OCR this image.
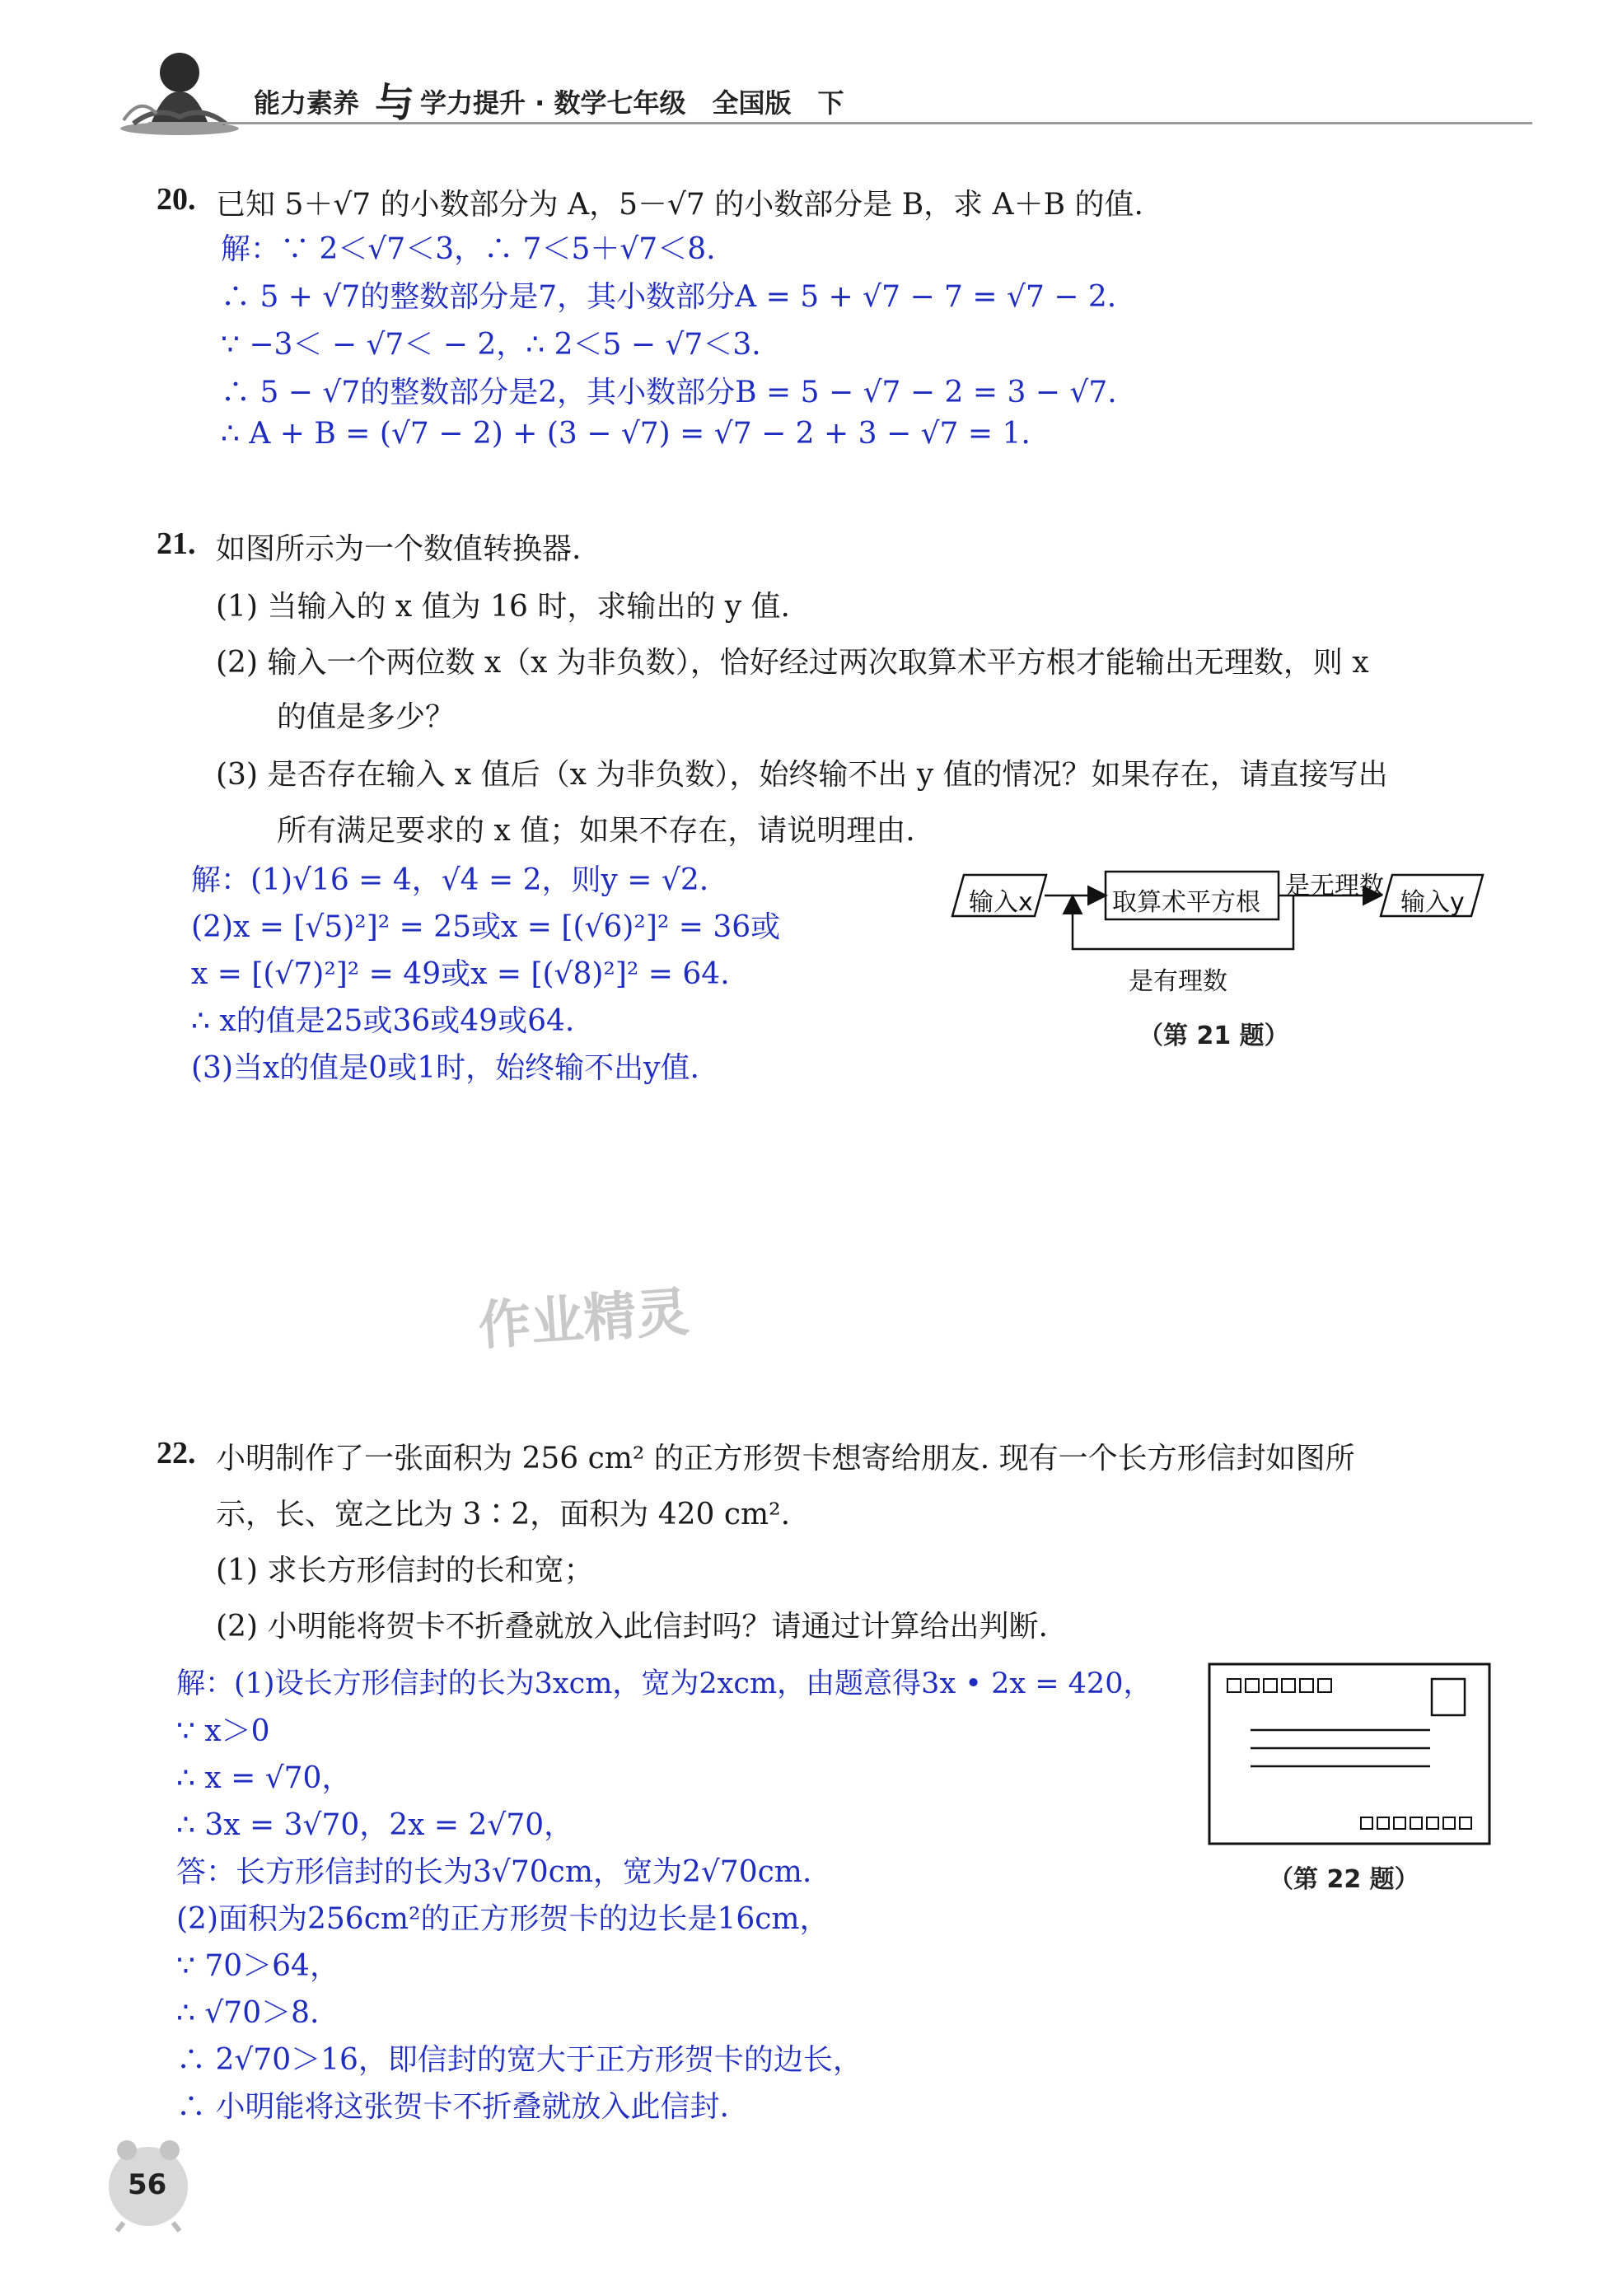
能力素养 与 学力提升 · 数学七年级　全国版　下
20. 已知 5＋√7 的小数部分为 A，5－√7 的小数部分是 B，求 A＋B 的值.
解：∵ 2＜√7＜3，∴ 7＜5＋√7＜8.
∴ 5 + √7的整数部分是7，其小数部分A = 5 + √7 − 7 = √7 − 2.
∵ −3＜ − √7＜ − 2，∴ 2＜5 − √7＜3.
∴ 5 − √7的整数部分是2，其小数部分B = 5 − √7 − 2 = 3 − √7.
∴ A + B = (√7 − 2) + (3 − √7) = √7 − 2 + 3 − √7 = 1.
21. 如图所示为一个数值转换器.
(1) 当输入的 x 值为 16 时，求输出的 y 值.
(2) 输入一个两位数 x（x 为非负数），恰好经过两次取算术平方根才能输出无理数，则 x
的值是多少？
(3) 是否存在输入 x 值后（x 为非负数），始终输不出 y 值的情况？如果存在，请直接写出
所有满足要求的 x 值；如果不存在，请说明理由.
解：(1)√16 = 4，√4 = 2，则y = √2.
(2)x = [√5)²]² = 25或x = [(√6)²]² = 36或
x = [(√7)²]² = 49或x = [(√8)²]² = 64.
∴ x的值是25或36或49或64.
(3)当x的值是0或1时，始终输不出y值.
输入x	取算术平方根
是无理数
输入y
是有理数
（第 21 题）
作业精灵
22. 小明制作了一张面积为 256 cm² 的正方形贺卡想寄给朋友. 现有一个长方形信封如图所
示，长、宽之比为 3∶2，面积为 420 cm².
(1) 求长方形信封的长和宽；
(2) 小明能将贺卡不折叠就放入此信封吗？请通过计算给出判断.
解：(1)设长方形信封的长为3xcm，宽为2xcm，由题意得3x • 2x = 420，
∵ x＞0
∴ x = √70，
∴ 3x = 3√70，2x = 2√70，
答：长方形信封的长为3√70cm，宽为2√70cm.
(2)面积为256cm²的正方形贺卡的边长是16cm，
∵ 70＞64，
∴ √70＞8.
∴ 2√70＞16，即信封的宽大于正方形贺卡的边长，
∴ 小明能将这张贺卡不折叠就放入此信封.
（第 22 题）
56
